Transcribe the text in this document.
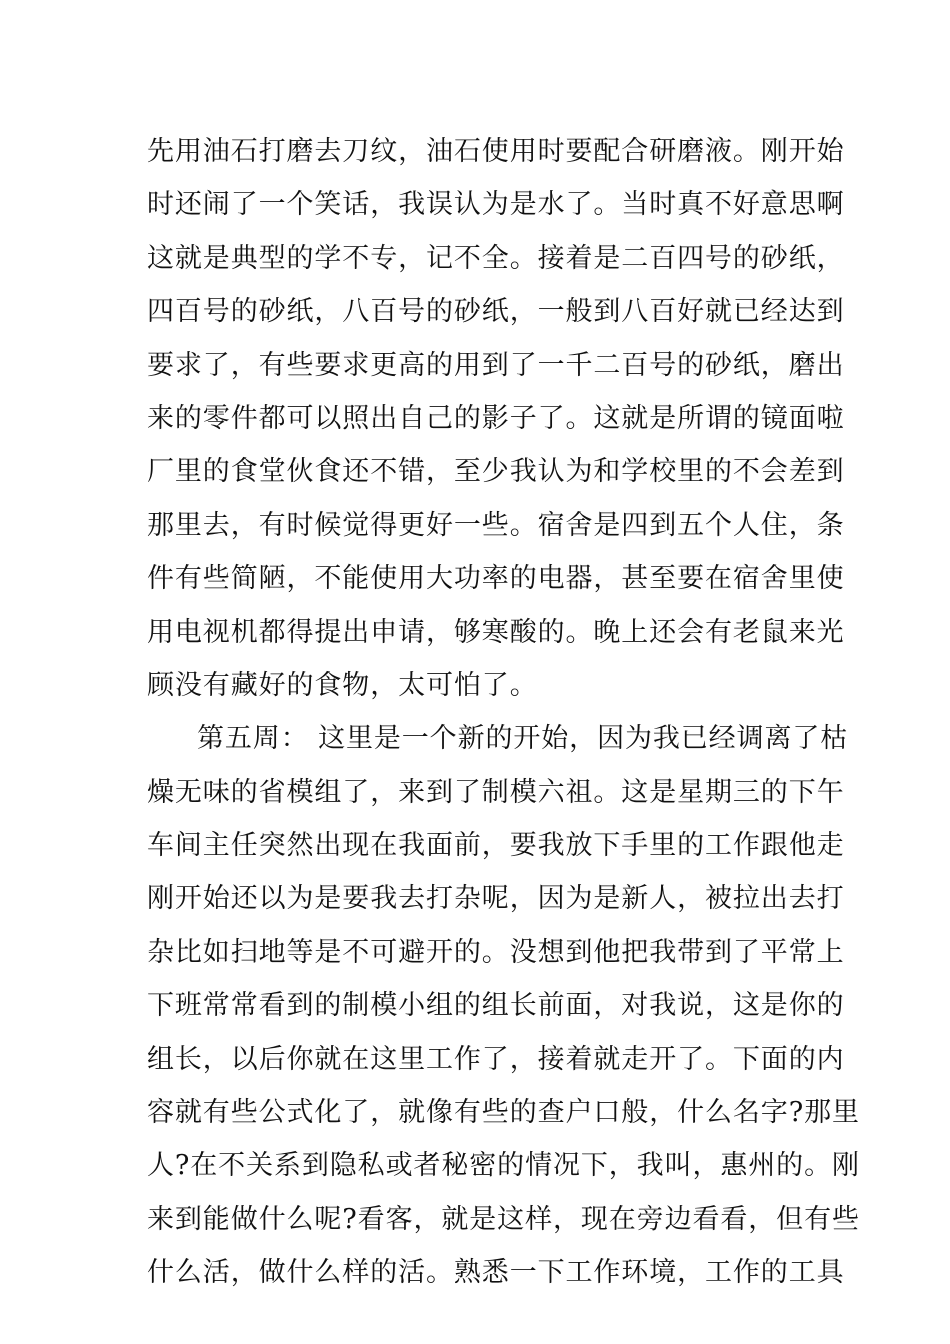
先用油石打磨去刀纹，油石使用时要配合研磨液。刚开始
时还闹了一个笑话，我误认为是水了。当时真不好意思啊
这就是典型的学不专，记不全。接着是二百四号的砂纸，
四百号的砂纸，八百号的砂纸，一般到八百好就已经达到
要求了，有些要求更高的用到了一千二百号的砂纸，磨出
来的零件都可以照出自己的影子了。这就是所谓的镜面啦
厂里的食堂伙食还不错，至少我认为和学校里的不会差到
那里去，有时候觉得更好一些。宿舍是四到五个人住，条
件有些简陋，不能使用大功率的电器，甚至要在宿舍里使
用电视机都得提出申请，够寒酸的。晚上还会有老鼠来光
顾没有藏好的食物，太可怕了。
第五周： 这里是一个新的开始，因为我已经调离了枯
燥无味的省模组了，来到了制模六祖。这是星期三的下午
车间主任突然出现在我面前，要我放下手里的工作跟他走
刚开始还以为是要我去打杂呢，因为是新人，被拉出去打
杂比如扫地等是不可避开的。没想到他把我带到了平常上
下班常常看到的制模小组的组长前面，对我说，这是你的
组长，以后你就在这里工作了，接着就走开了。下面的内
容就有些公式化了，就像有些的查户口般，什么名字?那里
人?在不关系到隐私或者秘密的情况下，我叫，惠州的。刚
来到能做什么呢?看客，就是这样，现在旁边看看，但有些
什么活，做什么样的活。熟悉一下工作环境，工作的工具
